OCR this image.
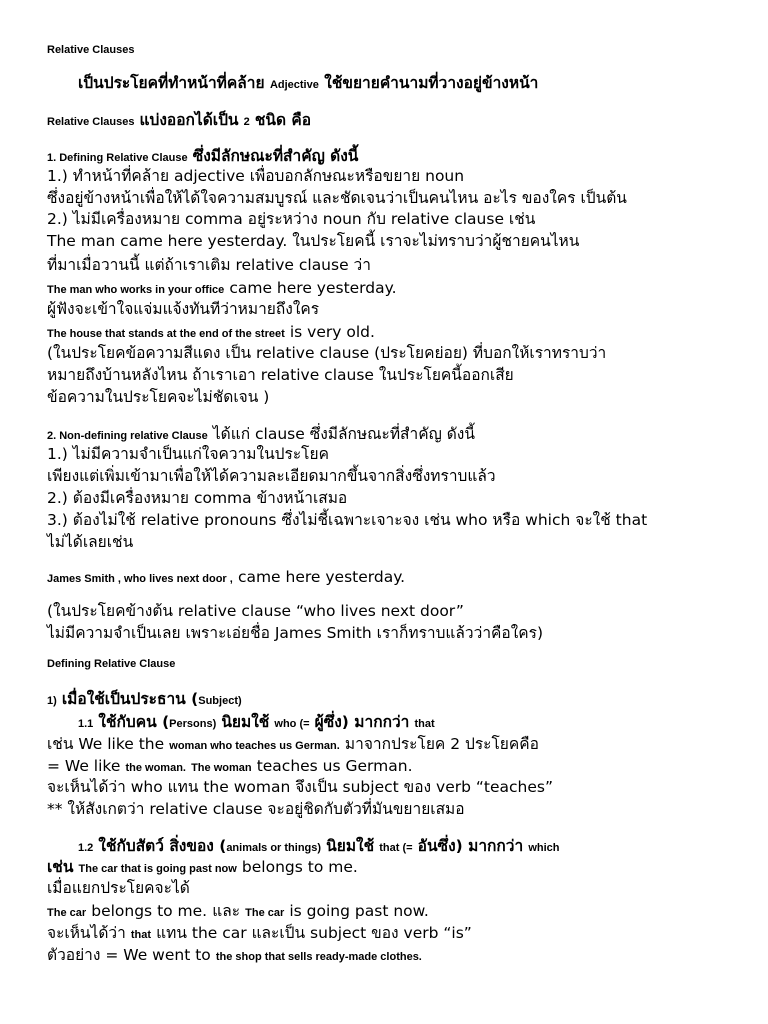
Relative Clauses
เป็นประโยคที่ทำหน้าที่คล้าย Adjective ใช้ขยายคำนามที่วางอยู่ข้างหน้า
Relative Clauses แบ่งออกได้เป็น 2 ชนิด คือ
1. Defining Relative Clause ซึ่งมีลักษณะที่สำคัญ ดังนี้
1.) ทำหน้าที่คล้าย adjective เพื่อบอกลักษณะหรือขยาย noun
ซึ่งอยู่ข้างหน้าเพื่อให้ได้ใจความสมบูรณ์ และชัดเจนว่าเป็นคนไหน อะไร ของใคร เป็นต้น
2.) ไม่มีเครื่องหมาย comma อยู่ระหว่าง noun กับ relative clause เช่น
The man came here yesterday. ในประโยคนี้ เราจะไม่ทราบว่าผู้ชายคนไหน
ที่มาเมื่อวานนี้ แต่ถ้าเราเติม relative clause ว่า
The man who works in your office came here yesterday.
ผู้ฟังจะเข้าใจแจ่มแจ้งทันทีว่าหมายถึงใคร
The house that stands at the end of the street is very old.
(ในประโยคข้อความสีแดง เป็น relative clause (ประโยคย่อย) ที่บอกให้เราทราบว่า
หมายถึงบ้านหลังไหน ถ้าเราเอา relative clause ในประโยคนี้ออกเสีย
ข้อความในประโยคจะไม่ชัดเจน )
2. Non-defining relative Clause ได้แก่ clause ซึ่งมีลักษณะที่สำคัญ ดังนี้
1.) ไม่มีความจำเป็นแก่ใจความในประโยค
เพียงแต่เพิ่มเข้ามาเพื่อให้ได้ความละเอียดมากขึ้นจากสิ่งซึ่งทราบแล้ว
2.) ต้องมีเครื่องหมาย comma ข้างหน้าเสมอ
3.) ต้องไม่ใช้ relative pronouns ซึ่งไม่ชี้เฉพาะเจาะจง เช่น who หรือ which จะใช้ that
ไม่ได้เลยเช่น
James Smith , who lives next door , came here yesterday.
(ในประโยคข้างต้น relative clause “who lives next door”
ไม่มีความจำเป็นเลย เพราะเอ่ยชื่อ James Smith เราก็ทราบแล้วว่าคือใคร)
Defining Relative Clause
1) เมื่อใช้เป็นประธาน (Subject)
1.1 ใช้กับคน (Persons) นิยมใช้ who (= ผู้ซึ่ง) มากกว่า that
เช่น We like the woman who teaches us German. มาจากประโยค 2 ประโยคคือ
= We like the woman. The woman teaches us German.
จะเห็นได้ว่า who แทน the woman จึงเป็น subject ของ verb “teaches”
** ให้สังเกตว่า relative clause จะอยู่ชิดกับตัวที่มันขยายเสมอ
1.2 ใช้กับสัตว์ สิ่งของ (animals or things) นิยมใช้ that (= อันซึ่ง) มากกว่า which
เช่น The car that is going past now belongs to me.
เมื่อแยกประโยคจะได้
The car belongs to me. และ The car is going past now.
จะเห็นได้ว่า that แทน the car และเป็น subject ของ verb “is”
ตัวอย่าง = We went to the shop that sells ready-made clothes.
